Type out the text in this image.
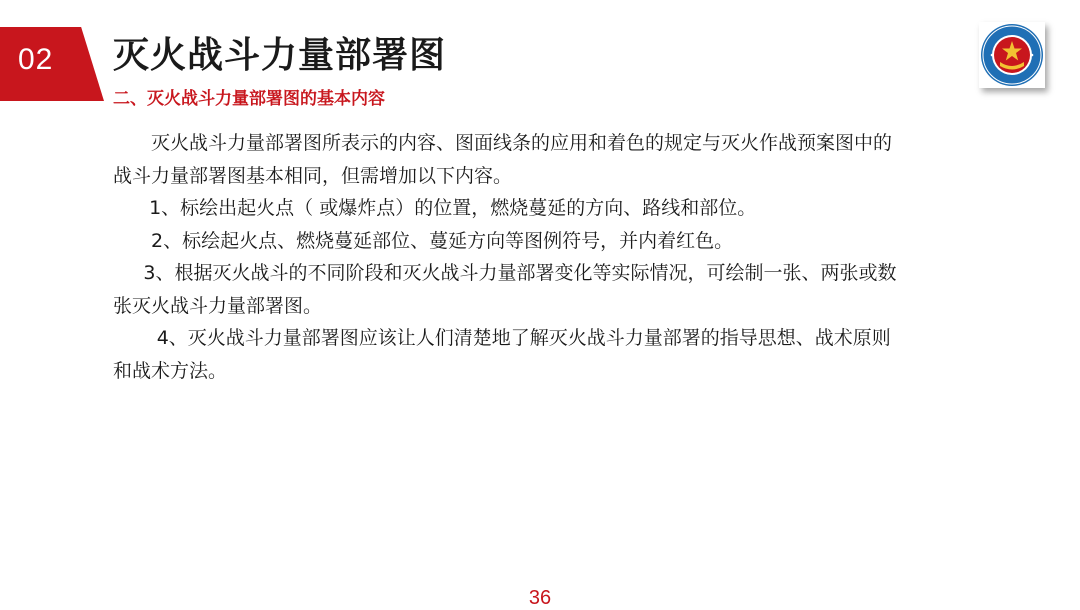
02 灭火战斗力量部署图
二、灭火战斗力量部署图的基本内容

灭火战斗力量部署图所表示的内容、图面线条的应用和着色的规定与灭火作战预案图中的战斗力量部署图基本相同，但需增加以下内容。

1、标绘出起火点（ 或爆炸点）的位置，燃烧蔓延的方向、路线和部位。

2、标绘起火点、燃烧蔓延部位、蔓延方向等图例符号，并内着红色。

3、根据灭火战斗的不同阶段和灭火战斗力量部署变化等实际情况，可绘制一张、两张或数张灭火战斗力量部署图。

4、灭火战斗力量部署图应该让人们清楚地了解灭火战斗力量部署的指导思想、战术原则和战术方法。

36
